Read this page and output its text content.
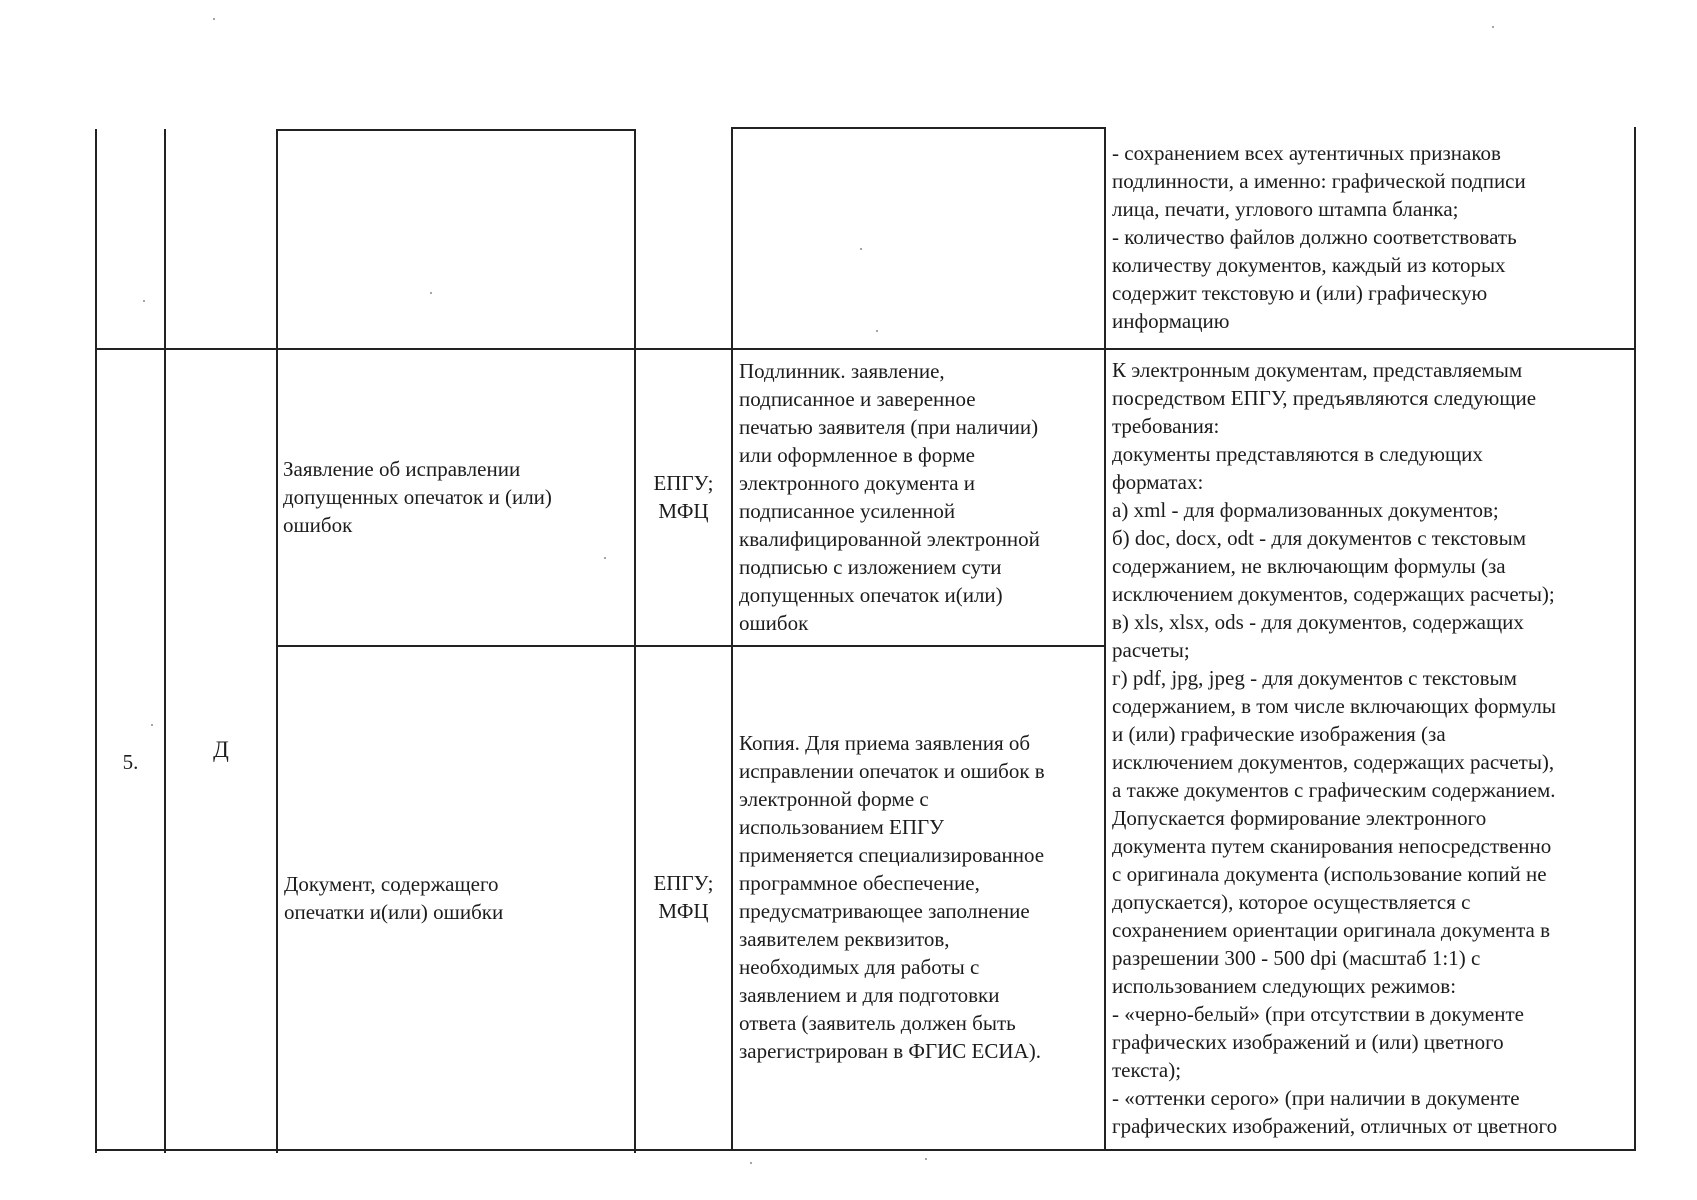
- сохранением всех аутентичных признаков
подлинности, а именно: графической подписи
лица, печати, углового штампа бланка;
- количество файлов должно соответствовать
количеству документов, каждый из которых
содержит текстовую и (или) графическую
информацию
5.	Д
Заявление об исправлении
допущенных опечаток и (или)
ошибок
ЕПГУ;
МФЦ
Подлинник. заявление,
подписанное и заверенное
печатью заявителя (при наличии)
или оформленное в форме
электронного документа и
подписанное усиленной
квалифицированной электронной
подписью с изложением сути
допущенных опечаток и(или)
ошибок
Документ, содержащего
опечатки и(или) ошибки
ЕПГУ;
МФЦ
Копия. Для приема заявления об
исправлении опечаток и ошибок в
электронной форме с
использованием ЕПГУ
применяется специализированное
программное обеспечение,
предусматривающее заполнение
заявителем реквизитов,
необходимых для работы с
заявлением и для подготовки
ответа (заявитель должен быть
зарегистрирован в ФГИС ЕСИА).
К электронным документам, представляемым
посредством ЕПГУ, предъявляются следующие
требования:
документы представляются в следующих
форматах:
а) xml - для формализованных документов;
б) doc, docx, odt - для документов с текстовым
содержанием, не включающим формулы (за
исключением документов, содержащих расчеты);
в) xls, xlsx, ods - для документов, содержащих
расчеты;
г) pdf, jpg, jpeg - для документов с текстовым
содержанием, в том числе включающих формулы
и (или) графические изображения (за
исключением документов, содержащих расчеты),
а также документов с графическим содержанием.
Допускается формирование электронного
документа путем сканирования непосредственно
с оригинала документа (использование копий не
допускается), которое осуществляется с
сохранением ориентации оригинала документа в
разрешении 300 - 500 dpi (масштаб 1:1) с
использованием следующих режимов:
- «черно-белый» (при отсутствии в документе
графических изображений и (или) цветного
текста);
- «оттенки серого» (при наличии в документе
графических изображений, отличных от цветного
